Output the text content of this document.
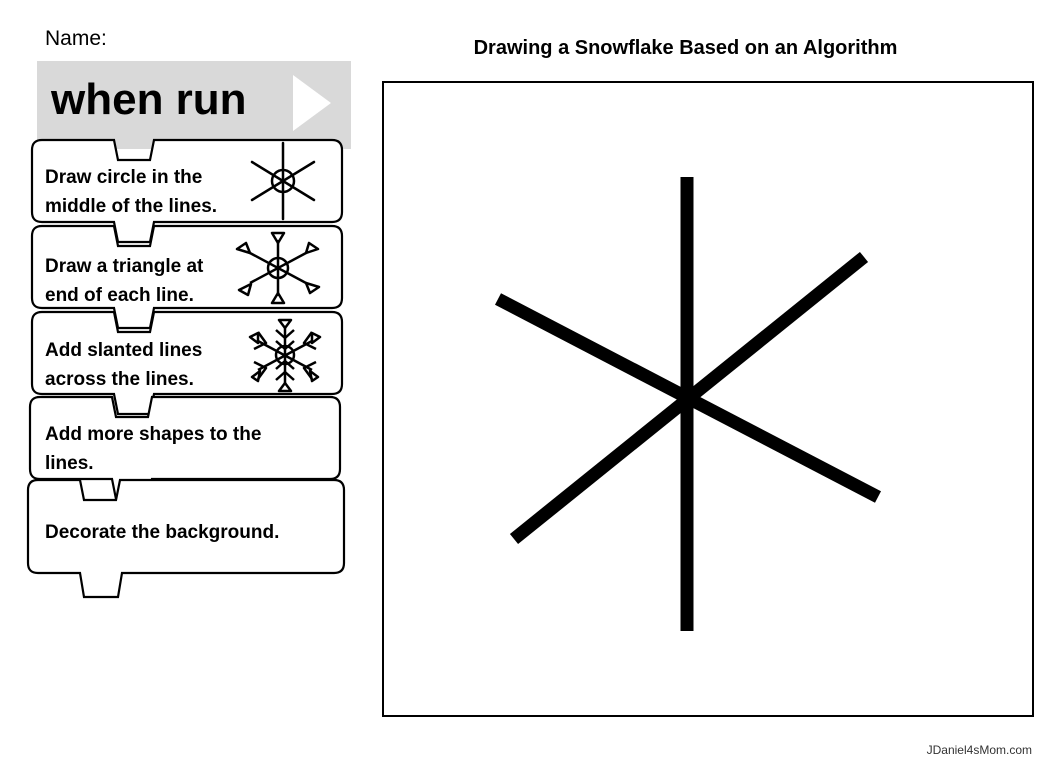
Name:	Drawing a Snowflake Based on an Algorithm
when run
Draw circle in the
middle of the lines.
Draw a triangle at
end of each line.
Add slanted lines
across the lines.
Add more shapes to the
lines.
Decorate the background.
JDaniel4sMom.com
